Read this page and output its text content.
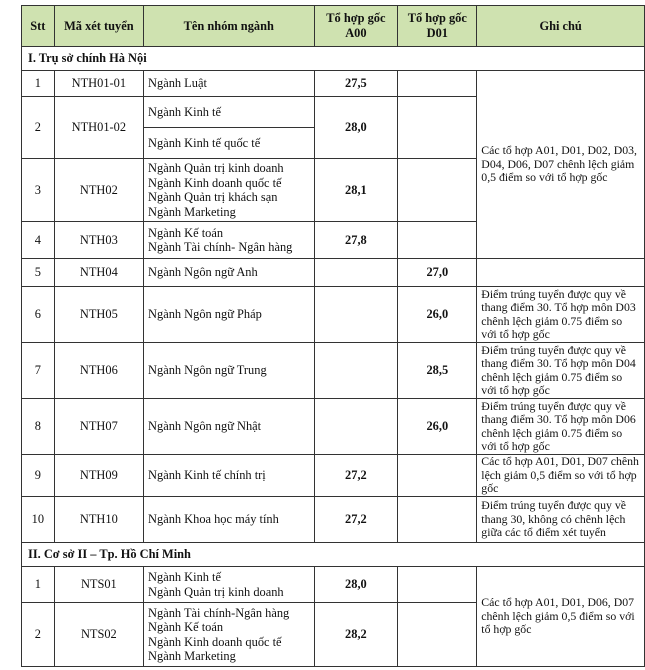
Stt	Mã xét tuyển	Tên nhóm ngành	Tổ hợp gốc A00	Tổ hợp gốc D01	Ghi chú
I. Trụ sở chính Hà Nội					
1	NTH01-01	Ngành Luật	27,5		Các tổ hợp A01, D01, D02, D03, D04, D06, D07 chênh lệch giảm 0,5 điểm so với tổ hợp gốc
2	NTH01-02	Ngành Kinh tế
Ngành Kinh tế quốc tế	28,0		
3	NTH02	Ngành Quản trị kinh doanh
Ngành Kinh doanh quốc tế
Ngành Quản trị khách sạn
Ngành Marketing	28,1		
4	NTH03	Ngành Kế toán
Ngành Tài chính- Ngân hàng	27,8		
5	NTH04	Ngành Ngôn ngữ Anh		27,0	
6	NTH05	Ngành Ngôn ngữ Pháp		26,0	Điểm trúng tuyển được quy về thang điểm 30. Tổ hợp môn D03 chênh lệch giảm 0.75 điểm so với tổ hợp gốc
7	NTH06	Ngành Ngôn ngữ Trung		28,5	Điểm trúng tuyển được quy về thang điểm 30. Tổ hợp môn D04 chênh lệch giảm 0.75 điểm so với tổ hợp gốc
8	NTH07	Ngành Ngôn ngữ Nhật		26,0	Điểm trúng tuyển được quy về thang điểm 30. Tổ hợp môn D06 chênh lệch giảm 0.75 điểm so với tổ hợp gốc
9	NTH09	Ngành Kinh tế chính trị	27,2		Các tổ hợp A01, D01, D07 chênh lệch giảm 0,5 điểm so với tổ hợp gốc
10	NTH10	Ngành Khoa học máy tính	27,2		Điểm trúng tuyển được quy về thang 30, không có chênh lệch giữa các tổ điểm xét tuyển
II. Cơ sở II – Tp. Hồ Chí Minh					
1	NTS01	Ngành Kinh tế
Ngành Quản trị kinh doanh	28,0		Các tổ hợp A01, D01, D06, D07 chênh lệch giảm 0,5 điểm so với tổ hợp gốc
2	NTS02	Ngành Tài chính-Ngân hàng
Ngành Kế toán
Ngành Kinh doanh quốc tế
Ngành Marketing	28,2		
